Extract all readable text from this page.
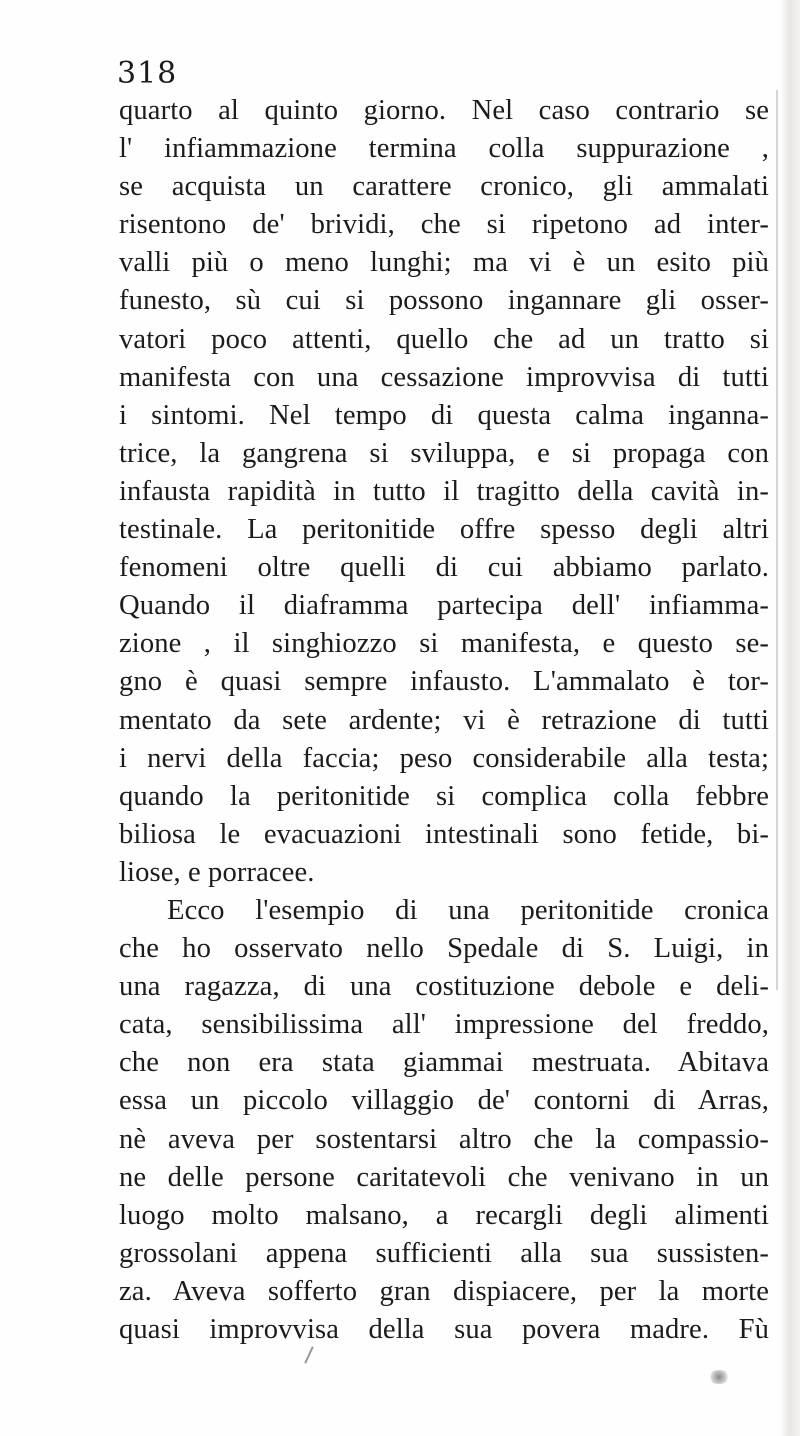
318
quarto al quinto giorno. Nel caso contrario se
l' infiammazione termina colla suppurazione ,
se acquista un carattere cronico, gli ammalati
risentono de' brividi, che si ripetono ad inter-
valli più o meno lunghi; ma vi è un esito più
funesto, sù cui si possono ingannare gli osser-
vatori poco attenti, quello che ad un tratto si
manifesta con una cessazione improvvisa di tutti
i sintomi. Nel tempo di questa calma inganna-
trice, la gangrena si sviluppa, e si propaga con
infausta rapidità in tutto il tragitto della cavità in-
testinale. La peritonitide offre spesso degli altri
fenomeni oltre quelli di cui abbiamo parlato.
Quando il diaframma partecipa dell' infiamma-
zione , il singhiozzo si manifesta, e questo se-
gno è quasi sempre infausto. L'ammalato è tor-
mentato da sete ardente; vi è retrazione di tutti
i nervi della faccia; peso considerabile alla testa;
quando la peritonitide si complica colla febbre
biliosa le evacuazioni intestinali sono fetide, bi-
liose, e porracee.
Ecco l'esempio di una peritonitide cronica
che ho osservato nello Spedale di S. Luigi, in
una ragazza, di una costituzione debole e deli-
cata, sensibilissima all' impressione del freddo,
che non era stata giammai mestruata. Abitava
essa un piccolo villaggio de' contorni di Arras,
nè aveva per sostentarsi altro che la compassio-
ne delle persone caritatevoli che venivano in un
luogo molto malsano, a recargli degli alimenti
grossolani appena sufficienti alla sua sussisten-
za. Aveva sofferto gran dispiacere, per la morte
quasi improvvisa della sua povera madre. Fù
